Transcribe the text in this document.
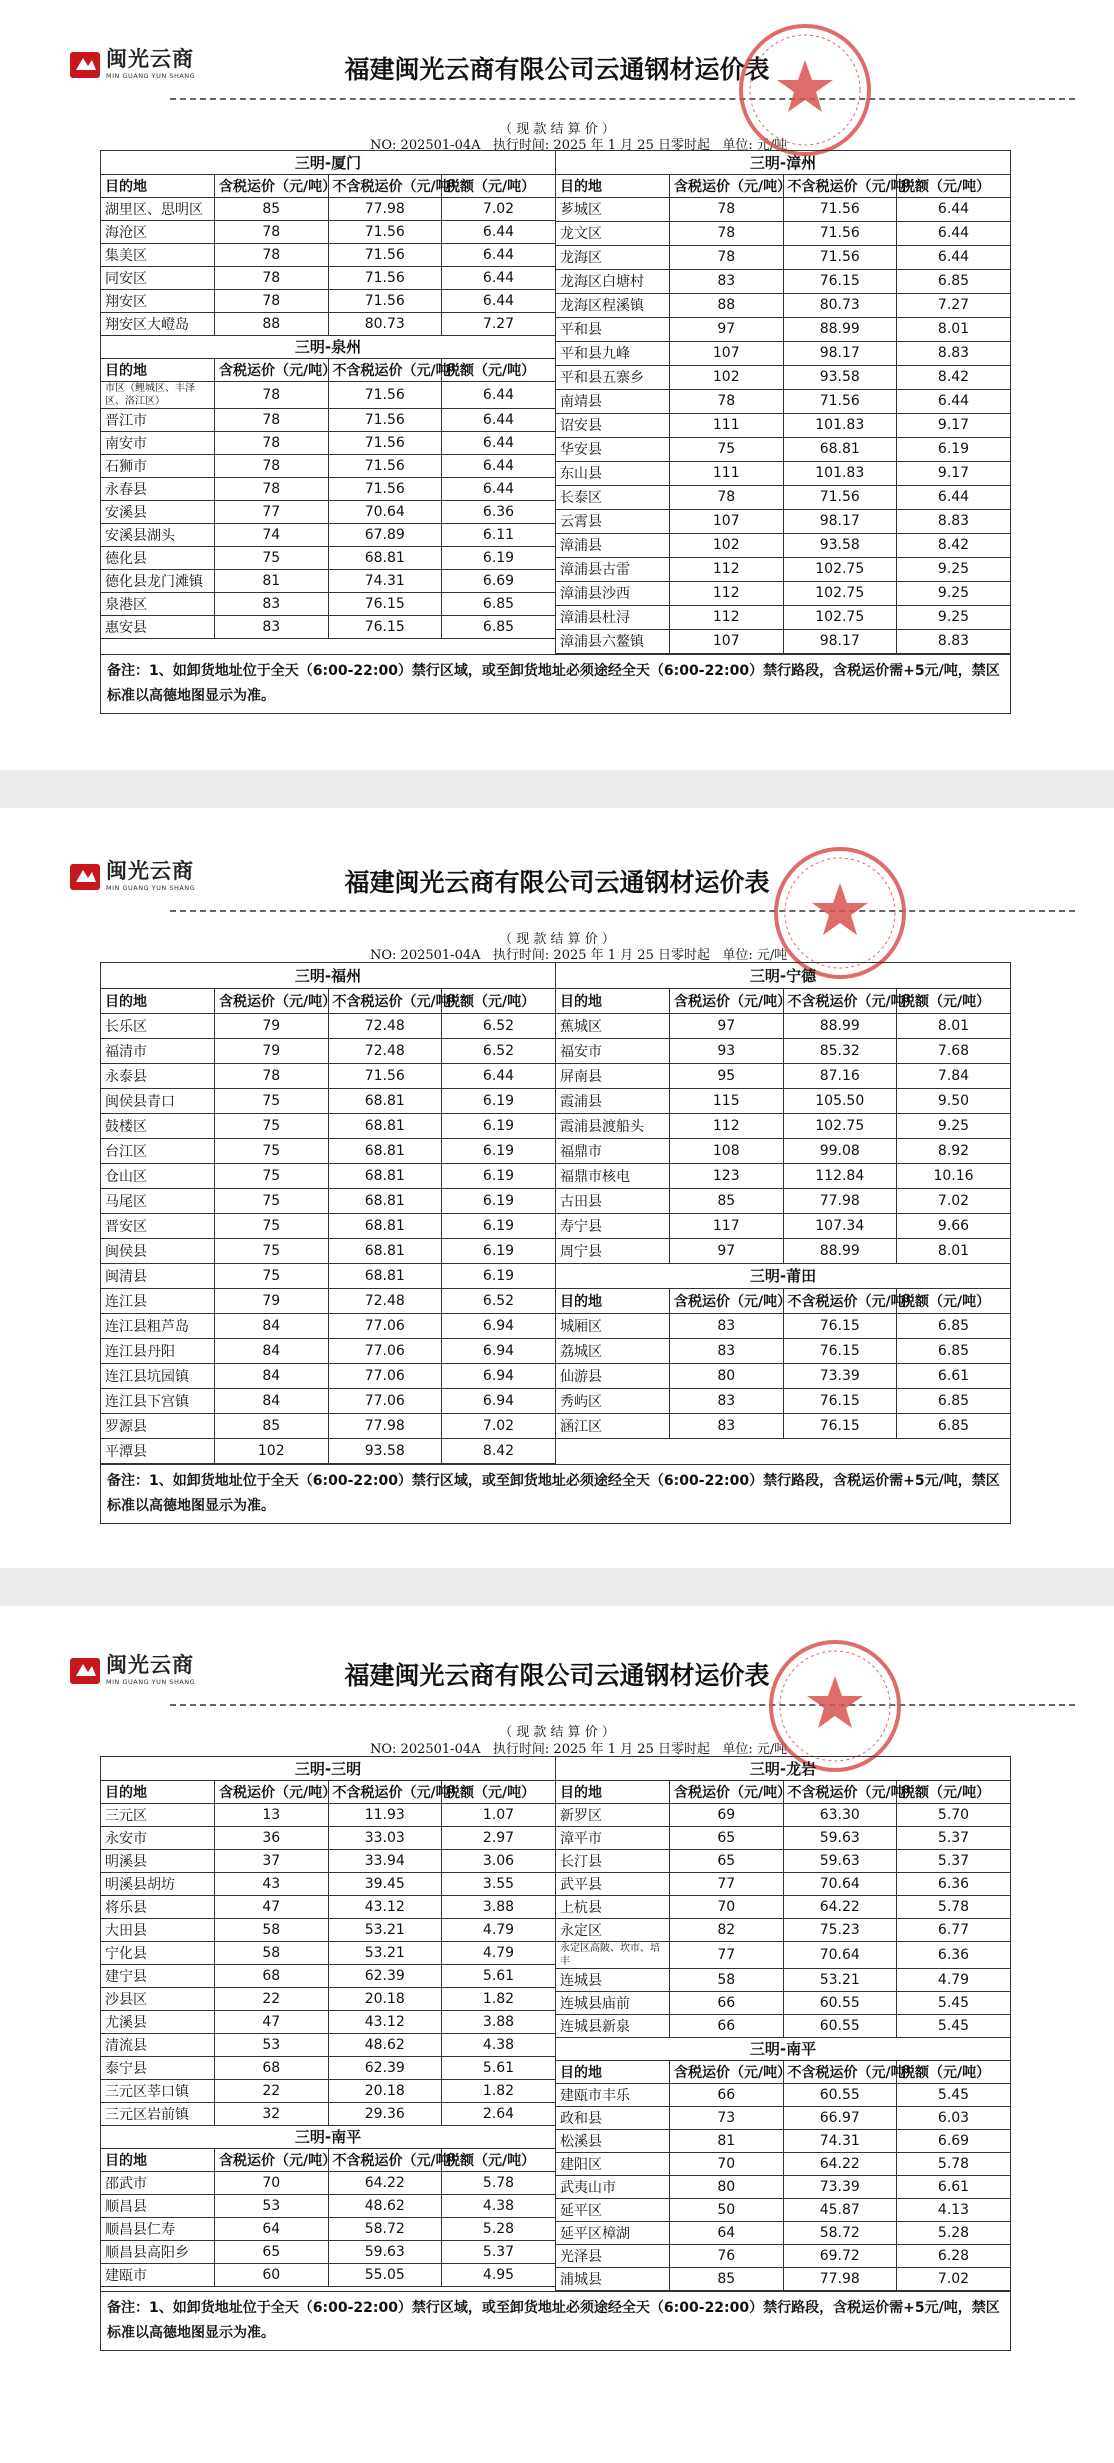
闽光云商
MIN GUANG YUN SHANG	福建闽光云商有限公司云通钢材运价表
（ 现 款 结 算 价 ）
NO: 202501-04A 执行时间: 2025 年 1 月 25 日零时起 单位: 元/吨
三明-厦门			
目的地	含税运价（元/吨）	不含税运价（元/吨）	税额（元/吨）
湖里区、思明区	85	77.98	7.02
海沧区	78	71.56	6.44
集美区	78	71.56	6.44
同安区	78	71.56	6.44
翔安区	78	71.56	6.44
翔安区大嶝岛	88	80.73	7.27
三明-泉州			
目的地	含税运价（元/吨）	不含税运价（元/吨）	税额（元/吨）
市区（鲤城区、丰泽区、洛江区）	78	71.56	6.44
晋江市	78	71.56	6.44
南安市	78	71.56	6.44
石狮市	78	71.56	6.44
永春县	78	71.56	6.44
安溪县	77	70.64	6.36
安溪县湖头	74	67.89	6.11
德化县	75	68.81	6.19
德化县龙门滩镇	81	74.31	6.69
泉港区	83	76.15	6.85
惠安县	83	76.15	6.85
三明-漳州			
目的地	含税运价（元/吨）	不含税运价（元/吨）	税额（元/吨）
芗城区	78	71.56	6.44
龙文区	78	71.56	6.44
龙海区	78	71.56	6.44
龙海区白塘村	83	76.15	6.85
龙海区程溪镇	88	80.73	7.27
平和县	97	88.99	8.01
平和县九峰	107	98.17	8.83
平和县五寨乡	102	93.58	8.42
南靖县	78	71.56	6.44
诏安县	111	101.83	9.17
华安县	75	68.81	6.19
东山县	111	101.83	9.17
长泰区	78	71.56	6.44
云霄县	107	98.17	8.83
漳浦县	102	93.58	8.42
漳浦县古雷	112	102.75	9.25
漳浦县沙西	112	102.75	9.25
漳浦县杜浔	112	102.75	9.25
漳浦县六鳌镇	107	98.17	8.83
备注：1、如卸货地址位于全天（6:00-22:00）禁行区域，或至卸货地址必须途经全天（6:00-22:00）禁行路段，含税运价需+5元/吨，禁区标准以高德地图显示为准。
闽光云商
MIN GUANG YUN SHANG	福建闽光云商有限公司云通钢材运价表
（ 现 款 结 算 价 ）
NO: 202501-04A 执行时间: 2025 年 1 月 25 日零时起 单位: 元/吨
三明-福州			
目的地	含税运价（元/吨）	不含税运价（元/吨）	税额（元/吨）
长乐区	79	72.48	6.52
福清市	79	72.48	6.52
永泰县	78	71.56	6.44
闽侯县青口	75	68.81	6.19
鼓楼区	75	68.81	6.19
台江区	75	68.81	6.19
仓山区	75	68.81	6.19
马尾区	75	68.81	6.19
晋安区	75	68.81	6.19
闽侯县	75	68.81	6.19
闽清县	75	68.81	6.19
连江县	79	72.48	6.52
连江县粗芦岛	84	77.06	6.94
连江县丹阳	84	77.06	6.94
连江县坑园镇	84	77.06	6.94
连江县下宫镇	84	77.06	6.94
罗源县	85	77.98	7.02
平潭县	102	93.58	8.42
三明-宁德			
目的地	含税运价（元/吨）	不含税运价（元/吨）	税额（元/吨）
蕉城区	97	88.99	8.01
福安市	93	85.32	7.68
屏南县	95	87.16	7.84
霞浦县	115	105.50	9.50
霞浦县渡船头	112	102.75	9.25
福鼎市	108	99.08	8.92
福鼎市核电	123	112.84	10.16
古田县	85	77.98	7.02
寿宁县	117	107.34	9.66
周宁县	97	88.99	8.01
三明-莆田			
目的地	含税运价（元/吨）	不含税运价（元/吨）	税额（元/吨）
城厢区	83	76.15	6.85
荔城区	83	76.15	6.85
仙游县	80	73.39	6.61
秀屿区	83	76.15	6.85
涵江区	83	76.15	6.85
备注：1、如卸货地址位于全天（6:00-22:00）禁行区域，或至卸货地址必须途经全天（6:00-22:00）禁行路段，含税运价需+5元/吨，禁区标准以高德地图显示为准。
闽光云商
MIN GUANG YUN SHANG	福建闽光云商有限公司云通钢材运价表
（ 现 款 结 算 价 ）
NO: 202501-04A 执行时间: 2025 年 1 月 25 日零时起 单位: 元/吨
三明-三明			
目的地	含税运价（元/吨）	不含税运价（元/吨）	税额（元/吨）
三元区	13	11.93	1.07
永安市	36	33.03	2.97
明溪县	37	33.94	3.06
明溪县胡坊	43	39.45	3.55
将乐县	47	43.12	3.88
大田县	58	53.21	4.79
宁化县	58	53.21	4.79
建宁县	68	62.39	5.61
沙县区	22	20.18	1.82
尤溪县	47	43.12	3.88
清流县	53	48.62	4.38
泰宁县	68	62.39	5.61
三元区莘口镇	22	20.18	1.82
三元区岩前镇	32	29.36	2.64
三明-南平			
目的地	含税运价（元/吨）	不含税运价（元/吨）	税额（元/吨）
邵武市	70	64.22	5.78
顺昌县	53	48.62	4.38
顺昌县仁寿	64	58.72	5.28
顺昌县高阳乡	65	59.63	5.37
建瓯市	60	55.05	4.95
三明-龙岩			
目的地	含税运价（元/吨）	不含税运价（元/吨）	税额（元/吨）
新罗区	69	63.30	5.70
漳平市	65	59.63	5.37
长汀县	65	59.63	5.37
武平县	77	70.64	6.36
上杭县	70	64.22	5.78
永定区	82	75.23	6.77
永定区高陂、坎市、培丰	77	70.64	6.36
连城县	58	53.21	4.79
连城县庙前	66	60.55	5.45
连城县新泉	66	60.55	5.45
三明-南平			
目的地	含税运价（元/吨）	不含税运价（元/吨）	税额（元/吨）
建瓯市丰乐	66	60.55	5.45
政和县	73	66.97	6.03
松溪县	81	74.31	6.69
建阳区	70	64.22	5.78
武夷山市	80	73.39	6.61
延平区	50	45.87	4.13
延平区樟湖	64	58.72	5.28
光泽县	76	69.72	6.28
浦城县	85	77.98	7.02
备注：1、如卸货地址位于全天（6:00-22:00）禁行区域，或至卸货地址必须途经全天（6:00-22:00）禁行路段，含税运价需+5元/吨，禁区标准以高德地图显示为准。
